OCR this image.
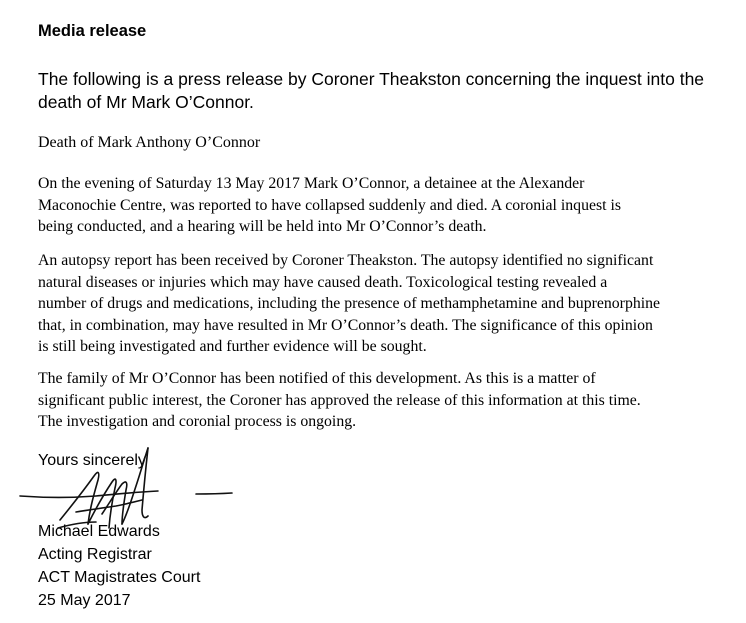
Media release
The following is a press release by Coroner Theakston concerning the inquest into the
death of Mr Mark O’Connor.
Death of Mark Anthony O’Connor
On the evening of Saturday 13 May 2017 Mark O’Connor, a detainee at the Alexander
Maconochie Centre, was reported to have collapsed suddenly and died. A coronial inquest is
being conducted, and a hearing will be held into Mr O’Connor’s death.
An autopsy report has been received by Coroner Theakston. The autopsy identified no significant
natural diseases or injuries which may have caused death. Toxicological testing revealed a
number of drugs and medications, including the presence of methamphetamine and buprenorphine
that, in combination, may have resulted in Mr O’Connor’s death. The significance of this opinion
is still being investigated and further evidence will be sought.
The family of Mr O’Connor has been notified of this development. As this is a matter of
significant public interest, the Coroner has approved the release of this information at this time.
The investigation and coronial process is ongoing.
Yours sincerely
Michael Edwards
Acting Registrar
ACT Magistrates Court
25 May 2017
